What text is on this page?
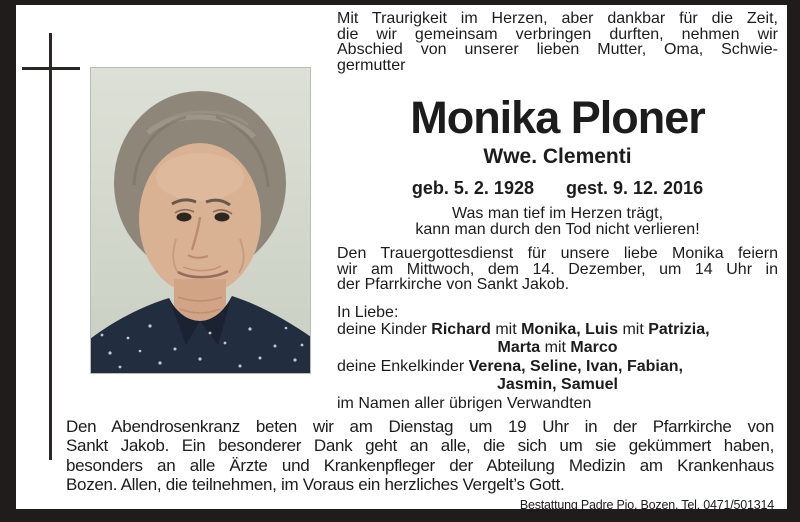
Mit Traurigkeit im Herzen, aber dankbar für die Zeit,
die wir gemeinsam verbringen durften, nehmen wir
Abschied von unserer lieben Mutter, Oma, Schwie-
germutter
Monika Ploner
Wwe. Clementi
geb. 5. 2. 1928 gest. 9. 12. 2016
Was man tief im Herzen trägt,
kann man durch den Tod nicht verlieren!
Den Trauergottesdienst für unsere liebe Monika feiern
wir am Mittwoch, dem 14. Dezember, um 14 Uhr in
der Pfarrkirche von Sankt Jakob.
In Liebe:
deine Kinder Richard mit Monika, Luis mit Patrizia,
Marta mit Marco
deine Enkelkinder Verena, Seline, Ivan, Fabian,
Jasmin, Samuel
im Namen aller übrigen Verwandten
Den Abendrosenkranz beten wir am Dienstag um 19 Uhr in der Pfarrkirche von
Sankt Jakob. Ein besonderer Dank geht an alle, die sich um sie gekümmert haben,
besonders an alle Ärzte und Krankenpfleger der Abteilung Medizin am Krankenhaus
Bozen. Allen, die teilnehmen, im Voraus ein herzliches Vergelt’s Gott.
Bestattung Padre Pio, Bozen, Tel. 0471/501314
